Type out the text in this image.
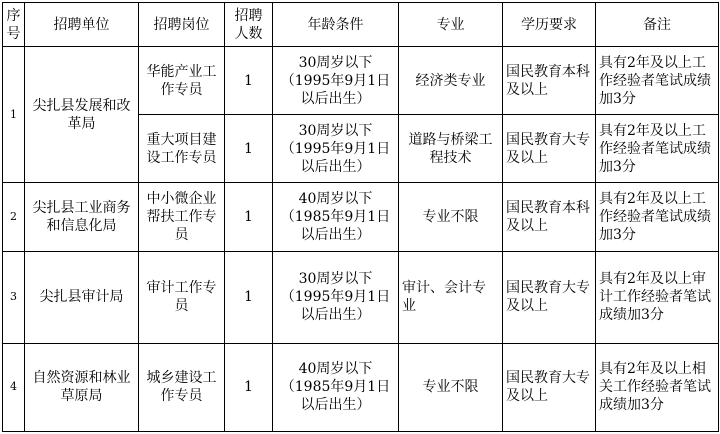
序号	招聘单位	招聘岗位	招聘人数	年龄条件	专业	学历要求	备注
1	尖扎县发展和改革局	华能产业工作专员	1	30周岁以下（1995年9月1日以后出生）	经济类专业	国民教育本科及以上	具有2年及以上工作经验者笔试成绩加3分
		重大项目建设工作专员	1	30周岁以下（1995年9月1日以后出生）	道路与桥梁工程技术	国民教育大专及以上	具有2年及以上工作经验者笔试成绩加3分
2	尖扎县工业商务和信息化局	中小微企业帮扶工作专员	1	40周岁以下（1985年9月1日以后出生）	专业不限	国民教育本科及以上	具有2年及以上工作经验者笔试成绩加3分
3	尖扎县审计局	审计工作专员	1	30周岁以下（1995年9月1日以后出生）	审计、会计专业	国民教育大专及以上	具有2年及以上审计工作经验者笔试成绩加3分
4	自然资源和林业草原局	城乡建设工作专员	1	40周岁以下（1985年9月1日以后出生）	专业不限	国民教育大专及以上	具有2年及以上相关工作经验者笔试成绩加3分
